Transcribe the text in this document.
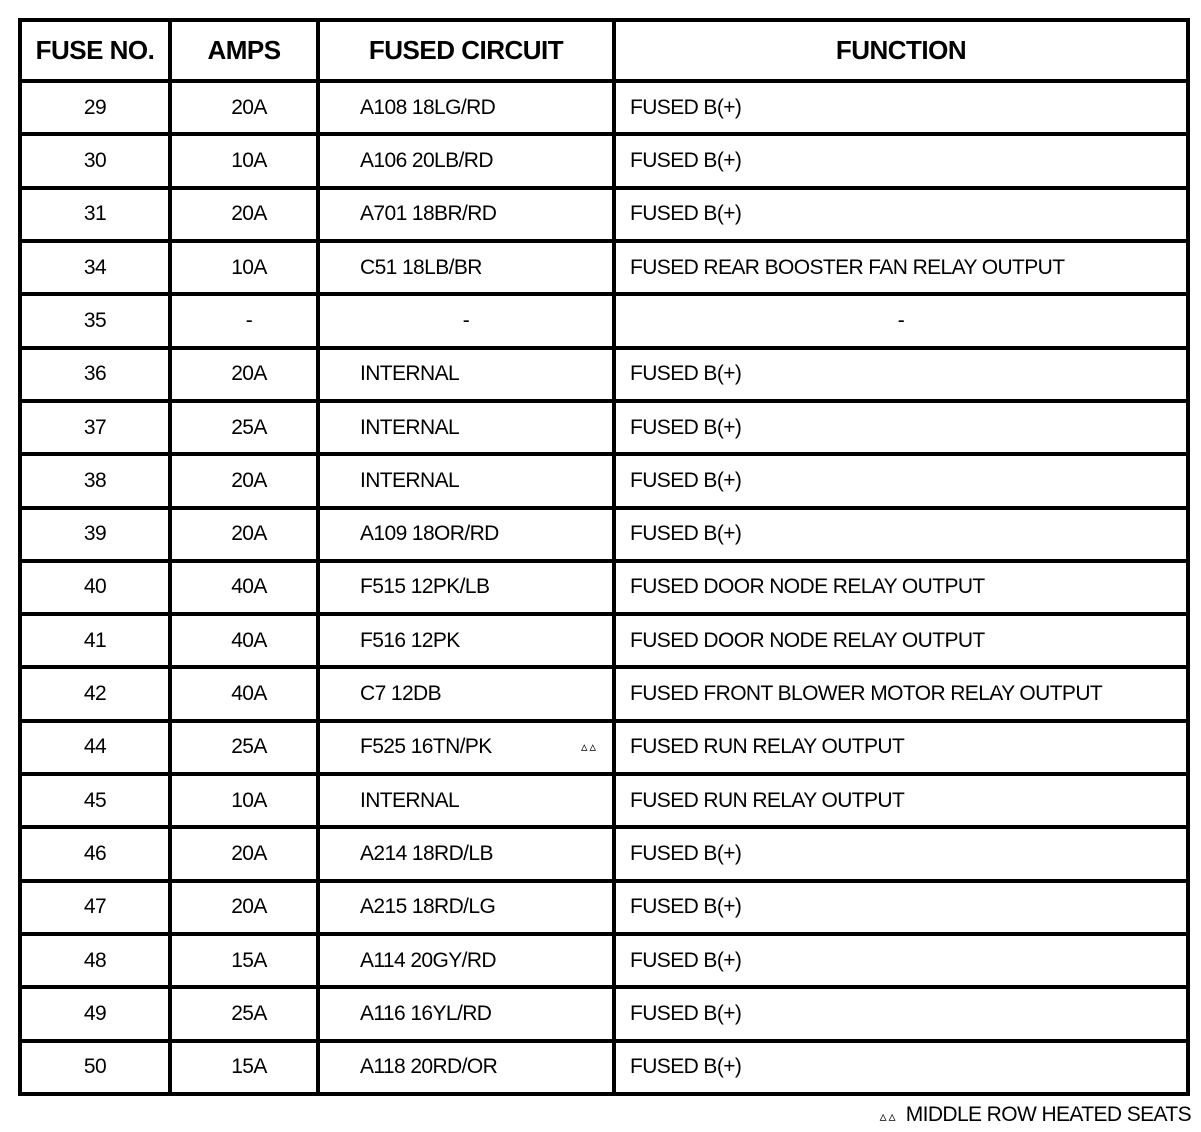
FUSE NO.	AMPS	FUSED CIRCUIT	FUNCTION
29	20A	A108 18LG/RD	FUSED B(+)
30	10A	A106 20LB/RD	FUSED B(+)
31	20A	A701 18BR/RD	FUSED B(+)
34	10A	C51 18LB/BR	FUSED REAR BOOSTER FAN RELAY OUTPUT
35	-	-	-
36	20A	INTERNAL	FUSED B(+)
37	25A	INTERNAL	FUSED B(+)
38	20A	INTERNAL	FUSED B(+)
39	20A	A109 18OR/RD	FUSED B(+)
40	40A	F515 12PK/LB	FUSED DOOR NODE RELAY OUTPUT
41	40A	F516 12PK	FUSED DOOR NODE RELAY OUTPUT
42	40A	C7 12DB	FUSED FRONT BLOWER MOTOR RELAY OUTPUT
44	25A	F525 16TN/PK ▵▵	FUSED RUN RELAY OUTPUT
45	10A	INTERNAL	FUSED RUN RELAY OUTPUT
46	20A	A214 18RD/LB	FUSED B(+)
47	20A	A215 18RD/LG	FUSED B(+)
48	15A	A114 20GY/RD	FUSED B(+)
49	25A	A116 16YL/RD	FUSED B(+)
50	15A	A118 20RD/OR	FUSED B(+)
▵▵ MIDDLE ROW HEATED SEATS
